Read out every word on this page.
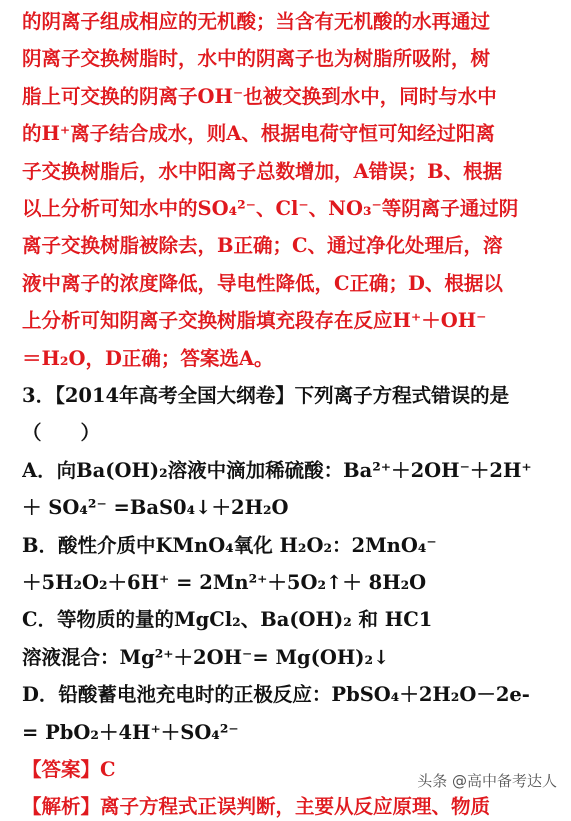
的阴离子组成相应的无机酸；当含有无机酸的水再通过
阴离子交换树脂时，水中的阴离子也为树脂所吸附，树
脂上可交换的阴离子OH⁻也被交换到水中，同时与水中
的H⁺离子结合成水，则A、根据电荷守恒可知经过阳离
子交换树脂后，水中阳离子总数增加，A错误；B、根据
以上分析可知水中的SO₄²⁻、Cl⁻、NO₃⁻等阴离子通过阴
离子交换树脂被除去，B正确；C、通过净化处理后，溶
液中离子的浓度降低，导电性降低，C正确；D、根据以
上分析可知阴离子交换树脂填充段存在反应H⁺＋OH⁻
＝H₂O，D正确；答案选A。
3．【2014年高考全国大纲卷】下列离子方程式错误的是
（　　）
A．向Ba(OH)₂溶液中滴加稀硫酸：Ba²⁺＋2OH⁻＋2H⁺
＋ SO₄²⁻ =BaS0₄↓＋2H₂O
B．酸性介质中KMnO₄氧化 H₂O₂：2MnO₄⁻
＋5H₂O₂＋6H⁺ = 2Mn²⁺＋5O₂↑＋ 8H₂O
C．等物质的量的MgCl₂、Ba(OH)₂ 和 HC1
溶液混合：Mg²⁺＋2OH⁻= Mg(OH)₂↓
D．铅酸蓄电池充电时的正极反应：PbSO₄＋2H₂O－2e-
= PbO₂＋4H⁺＋SO₄²⁻
【答案】C
【解析】离子方程式正误判断，主要从反应原理、物质
头条 @高中备考达人
